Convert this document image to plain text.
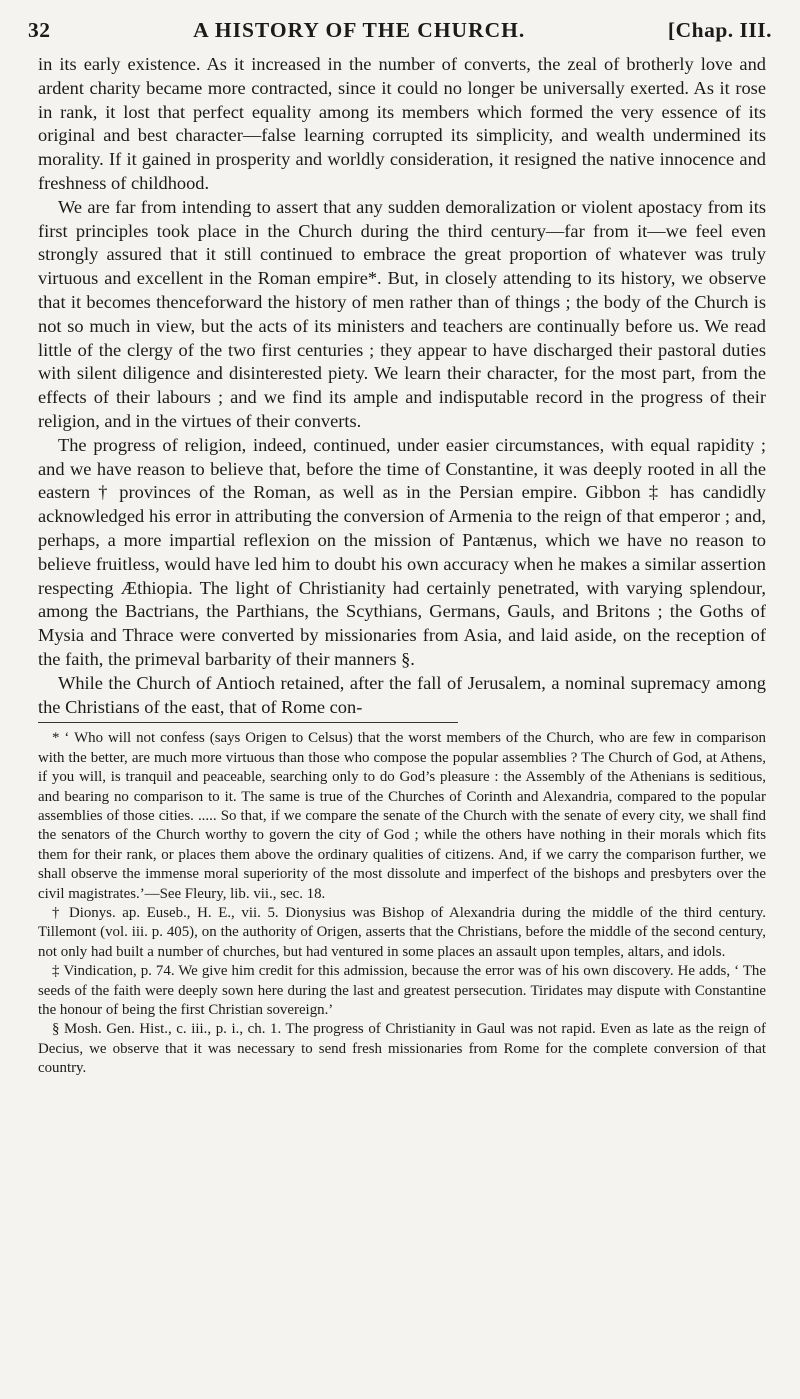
32	A HISTORY OF THE CHURCH.	[Chap. III.

in its early existence. As it increased in the number of converts, the zeal of brotherly love and ardent charity became more contracted, since it could no longer be universally exerted. As it rose in rank, it lost that perfect equality among its members which formed the very essence of its original and best character—false learning corrupted its simplicity, and wealth undermined its morality. If it gained in prosperity and worldly consideration, it resigned the native innocence and freshness of childhood.

We are far from intending to assert that any sudden demoralization or violent apostacy from its first principles took place in the Church during the third century—far from it—we feel even strongly assured that it still continued to embrace the great proportion of whatever was truly virtuous and excellent in the Roman empire*. But, in closely attending to its history, we observe that it becomes thenceforward the history of men rather than of things ; the body of the Church is not so much in view, but the acts of its ministers and teachers are continually before us. We read little of the clergy of the two first centuries ; they appear to have discharged their pastoral duties with silent diligence and disinterested piety. We learn their character, for the most part, from the effects of their labours ; and we find its ample and indisputable record in the progress of their religion, and in the virtues of their converts.

The progress of religion, indeed, continued, under easier circumstances, with equal rapidity ; and we have reason to believe that, before the time of Constantine, it was deeply rooted in all the eastern † provinces of the Roman, as well as in the Persian empire. Gibbon ‡ has candidly acknowledged his error in attributing the conversion of Armenia to the reign of that emperor ; and, perhaps, a more impartial reflexion on the mission of Pantænus, which we have no reason to believe fruitless, would have led him to doubt his own accuracy when he makes a similar assertion respecting Æthiopia. The light of Christianity had certainly penetrated, with varying splendour, among the Bactrians, the Parthians, the Scythians, Germans, Gauls, and Britons ; the Goths of Mysia and Thrace were converted by missionaries from Asia, and laid aside, on the reception of the faith, the primeval barbarity of their manners §.

While the Church of Antioch retained, after the fall of Jerusalem, a nominal supremacy among the Christians of the east, that of Rome con-

* ‘ Who will not confess (says Origen to Celsus) that the worst members of the Church, who are few in comparison with the better, are much more virtuous than those who compose the popular assemblies ? The Church of God, at Athens, if you will, is tranquil and peaceable, searching only to do God’s pleasure : the Assembly of the Athenians is seditious, and bearing no comparison to it. The same is true of the Churches of Corinth and Alexandria, compared to the popular assemblies of those cities. ..... So that, if we compare the senate of the Church with the senate of every city, we shall find the senators of the Church worthy to govern the city of God ; while the others have nothing in their morals which fits them for their rank, or places them above the ordinary qualities of citizens. And, if we carry the comparison further, we shall observe the immense moral superiority of the most dissolute and imperfect of the bishops and presbyters over the civil magistrates.’—See Fleury, lib. vii., sec. 18.

† Dionys. ap. Euseb., H. E., vii. 5. Dionysius was Bishop of Alexandria during the middle of the third century. Tillemont (vol. iii. p. 405), on the authority of Origen, asserts that the Christians, before the middle of the second century, not only had built a number of churches, but had ventured in some places an assault upon temples, altars, and idols.

‡ Vindication, p. 74. We give him credit for this admission, because the error was of his own discovery. He adds, ‘ The seeds of the faith were deeply sown here during the last and greatest persecution. Tiridates may dispute with Constantine the honour of being the first Christian sovereign.’

§ Mosh. Gen. Hist., c. iii., p. i., ch. 1. The progress of Christianity in Gaul was not rapid. Even as late as the reign of Decius, we observe that it was necessary to send fresh missionaries from Rome for the complete conversion of that country.
